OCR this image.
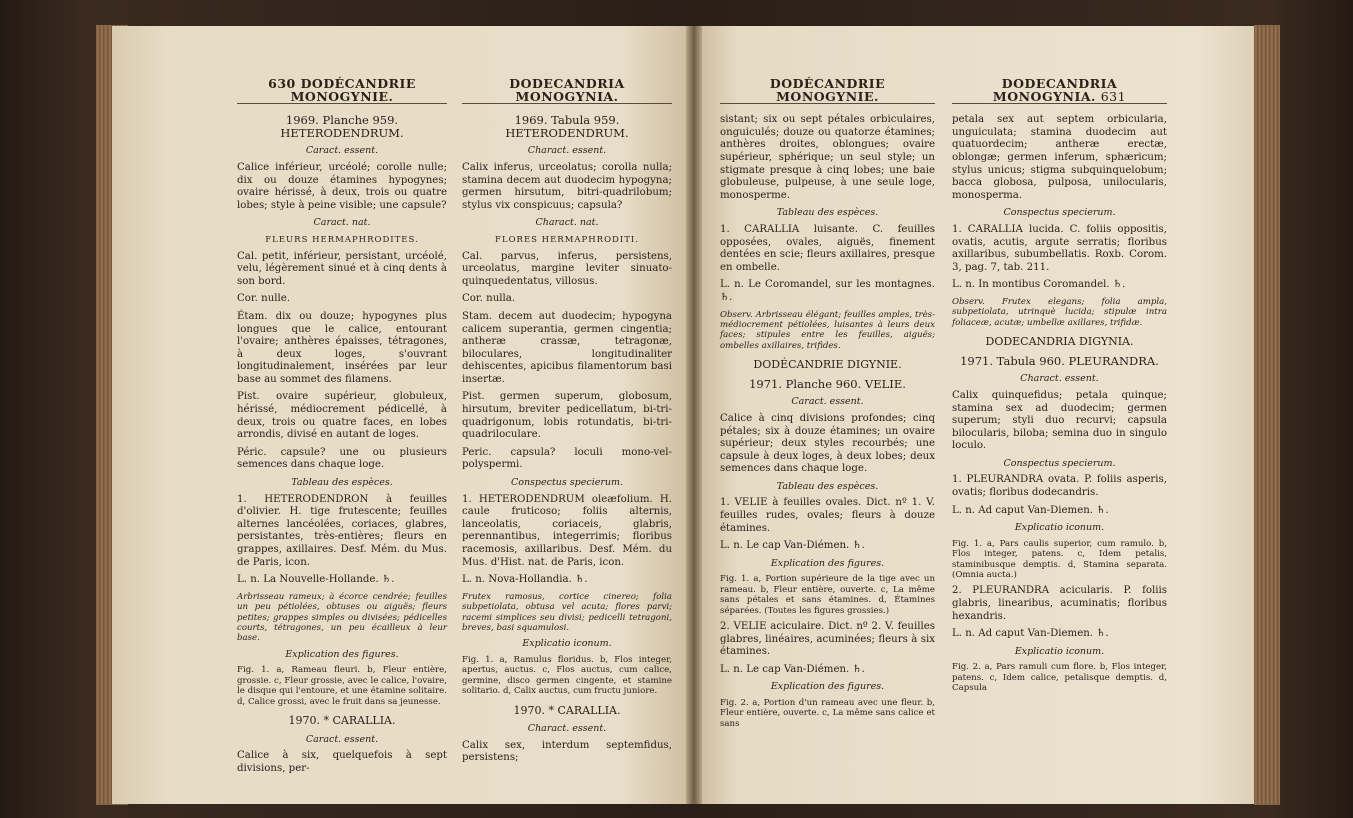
630 DODÉCANDRIE MONOGYNIE.
1969. Planche 959. HETERODENDRUM.
Caract. essent.
Calice inférieur, urcéolé; corolle nulle; dix ou douze étamines hypogynes; ovaire hérissé, à deux, trois ou quatre lobes; style à peine visible; une capsule?
Caract. nat.
FLEURS HERMAPHRODITES.
Cal. petit, inférieur, persistant, urcéolé, velu, légèrement sinué et à cinq dents à son bord.
Cor. nulle.
Étam. dix ou douze; hypogynes plus longues que le calice, entourant l'ovaire; anthères épaisses, tétragones, à deux loges, s'ouvrant longitudinalement, insérées par leur base au sommet des filamens.
Pist. ovaire supérieur, globuleux, hérissé, médiocrement pédicellé, à deux, trois ou quatre faces, en lobes arrondis, divisé en autant de loges.
Péric. capsule? une ou plusieurs semences dans chaque loge.
Tableau des espèces.
1. HETERODENDRON à feuilles d'olivier. H. tige frutescente; feuilles alternes lancéolées, coriaces, glabres, persistantes, très-entières; fleurs en grappes, axillaires. Desf. Mém. du Mus. de Paris, icon.
L. n. La Nouvelle-Hollande. ♄.
Arbrisseau rameux; à écorce cendrée; feuilles un peu pétiolées, obtuses ou aiguës; fleurs petites; grappes simples ou divisées; pédicelles courts, tétragones, un peu écailleux à leur base.
Explication des figures.
Fig. 1. a, Rameau fleuri. b, Fleur entière, grossie. c, Fleur grossie, avec le calice, l'ovaire, le disque qui l'entoure, et une étamine solitaire. d, Calice grossi, avec le fruit dans sa jeunesse.
1970. * CARALLIA.
Caract. essent.
Calice à six, quelquefois à sept divisions, per-
DODECANDRIA MONOGYNIA.
1969. Tabula 959. HETERODENDRUM.
Charact. essent.
Calix inferus, urceolatus; corolla nulla; stamina decem aut duodecim hypogyna; germen hirsutum, bitri-quadrilobum; stylus vix conspicuus; capsula?
Charact. nat.
FLORES HERMAPHRODITI.
Cal. parvus, inferus, persistens, urceolatus, margine leviter sinuato-quinquedentatus, villosus.
Cor. nulla.
Stam. decem aut duodecim; hypogyna calicem superantia, germen cingentia; antheræ crassæ, tetragonæ, biloculares, longitudinaliter dehiscentes, apicibus filamentorum basi insertæ.
Pist. germen superum, globosum, hirsutum, breviter pedicellatum, bi-tri-quadrigonum, lobis rotundatis, bi-tri-quadriloculare.
Peric. capsula? loculi mono-vel-polyspermi.
Conspectus specierum.
1. HETERODENDRUM oleæfolium. H. caule fruticoso; foliis alternis, lanceolatis, coriaceis, glabris, perennantibus, integerrimis; floribus racemosis, axillaribus. Desf. Mém. du Mus. d'Hist. nat. de Paris, icon.
L. n. Nova-Hollandia. ♄.
Frutex ramosus, cortice cinereo; folia subpetiolata, obtusa vel acuta; flores parvi; racemi simplices seu divisi; pedicelli tetragoni, breves, basi squamulosi.
Explicatio iconum.
Fig. 1. a, Ramulus floridus. b, Flos integer, apertus, auctus. c, Flos auctus, cum calice, germine, disco germen cingente, et stamine solitario. d, Calix auctus, cum fructu juniore.
1970. * CARALLIA.
Charact. essent.
Calix sex, interdum septemfidus, persistens;
DODÉCANDRIE MONOGYNIE.
sistant; six ou sept pétales orbiculaires, onguiculés; douze ou quatorze étamines; anthères droites, oblongues; ovaire supérieur, sphérique; un seul style; un stigmate presque à cinq lobes; une baie globuleuse, pulpeuse, à une seule loge, monosperme.
Tableau des espèces.
1. CARALLIA luisante. C. feuilles opposées, ovales, aiguës, finement dentées en scie; fleurs axillaires, presque en ombelle.
L. n. Le Coromandel, sur les montagnes. ♄.
Observ. Arbrisseau élégant; feuilles amples, très-médiocrement pétiolées, luisantes à leurs deux faces; stipules entre les feuilles, aiguës; ombelles axillaires, trifides.
DODÉCANDRIE DIGYNIE.
1971. Planche 960. VELIE.
Caract. essent.
Calice à cinq divisions profondes; cinq pétales; six à douze étamines; un ovaire supérieur; deux styles recourbés; une capsule à deux loges, à deux lobes; deux semences dans chaque loge.
Tableau des espèces.
1. VELIE à feuilles ovales. Dict. nº 1. V. feuilles rudes, ovales; fleurs à douze étamines.
L. n. Le cap Van-Diémen. ♄.
Explication des figures.
Fig. 1. a, Portion supérieure de la tige avec un rameau. b, Fleur entière, ouverte. c, La même sans pétales et sans étamines. d, Étamines séparées. (Toutes les figures grossies.)
2. VELIE aciculaire. Dict. nº 2. V. feuilles glabres, linéaires, acuminées; fleurs à six étamines.
L. n. Le cap Van-Diémen. ♄.
Explication des figures.
Fig. 2. a, Portion d'un rameau avec une fleur. b, Fleur entière, ouverte. c, La même sans calice et sans
DODECANDRIA MONOGYNIA. 631
petala sex aut septem orbicularia, unguiculata; stamina duodecim aut quatuordecim; antheræ erectæ, oblongæ; germen inferum, sphæricum; stylus unicus; stigma subquinquelobum; bacca globosa, pulposa, unilocularis, monosperma.
Conspectus specierum.
1. CARALLIA lucida. C. foliis oppositis, ovatis, acutis, argute serratis; floribus axillaribus, subumbellatis. Roxb. Corom. 3, pag. 7, tab. 211.
L. n. In montibus Coromandel. ♄.
Observ. Frutex elegans; folia ampla, subpetiolata, utrinquè lucida; stipulæ intra foliaceæ, acutæ; umbellæ axillares, trifidæ.
DODECANDRIA DIGYNIA.
1971. Tabula 960. PLEURANDRA.
Charact. essent.
Calix quinquefidus; petala quinque; stamina sex ad duodecim; germen superum; styli duo recurvi; capsula bilocularis, biloba; semina duo in singulo loculo.
Conspectus specierum.
1. PLEURANDRA ovata. P. foliis asperis, ovatis; floribus dodecandris.
L. n. Ad caput Van-Diemen. ♄.
Explicatio iconum.
Fig. 1. a, Pars caulis superior, cum ramulo. b, Flos integer, patens. c, Idem petalis, staminibusque demptis. d, Stamina separata. (Omnia aucta.)
2. PLEURANDRA acicularis. P. foliis glabris, linearibus, acuminatis; floribus hexandris.
L. n. Ad caput Van-Diemen. ♄.
Explicatio iconum.
Fig. 2. a, Pars ramuli cum flore. b, Flos integer, patens. c, Idem calice, petalisque demptis. d, Capsula
